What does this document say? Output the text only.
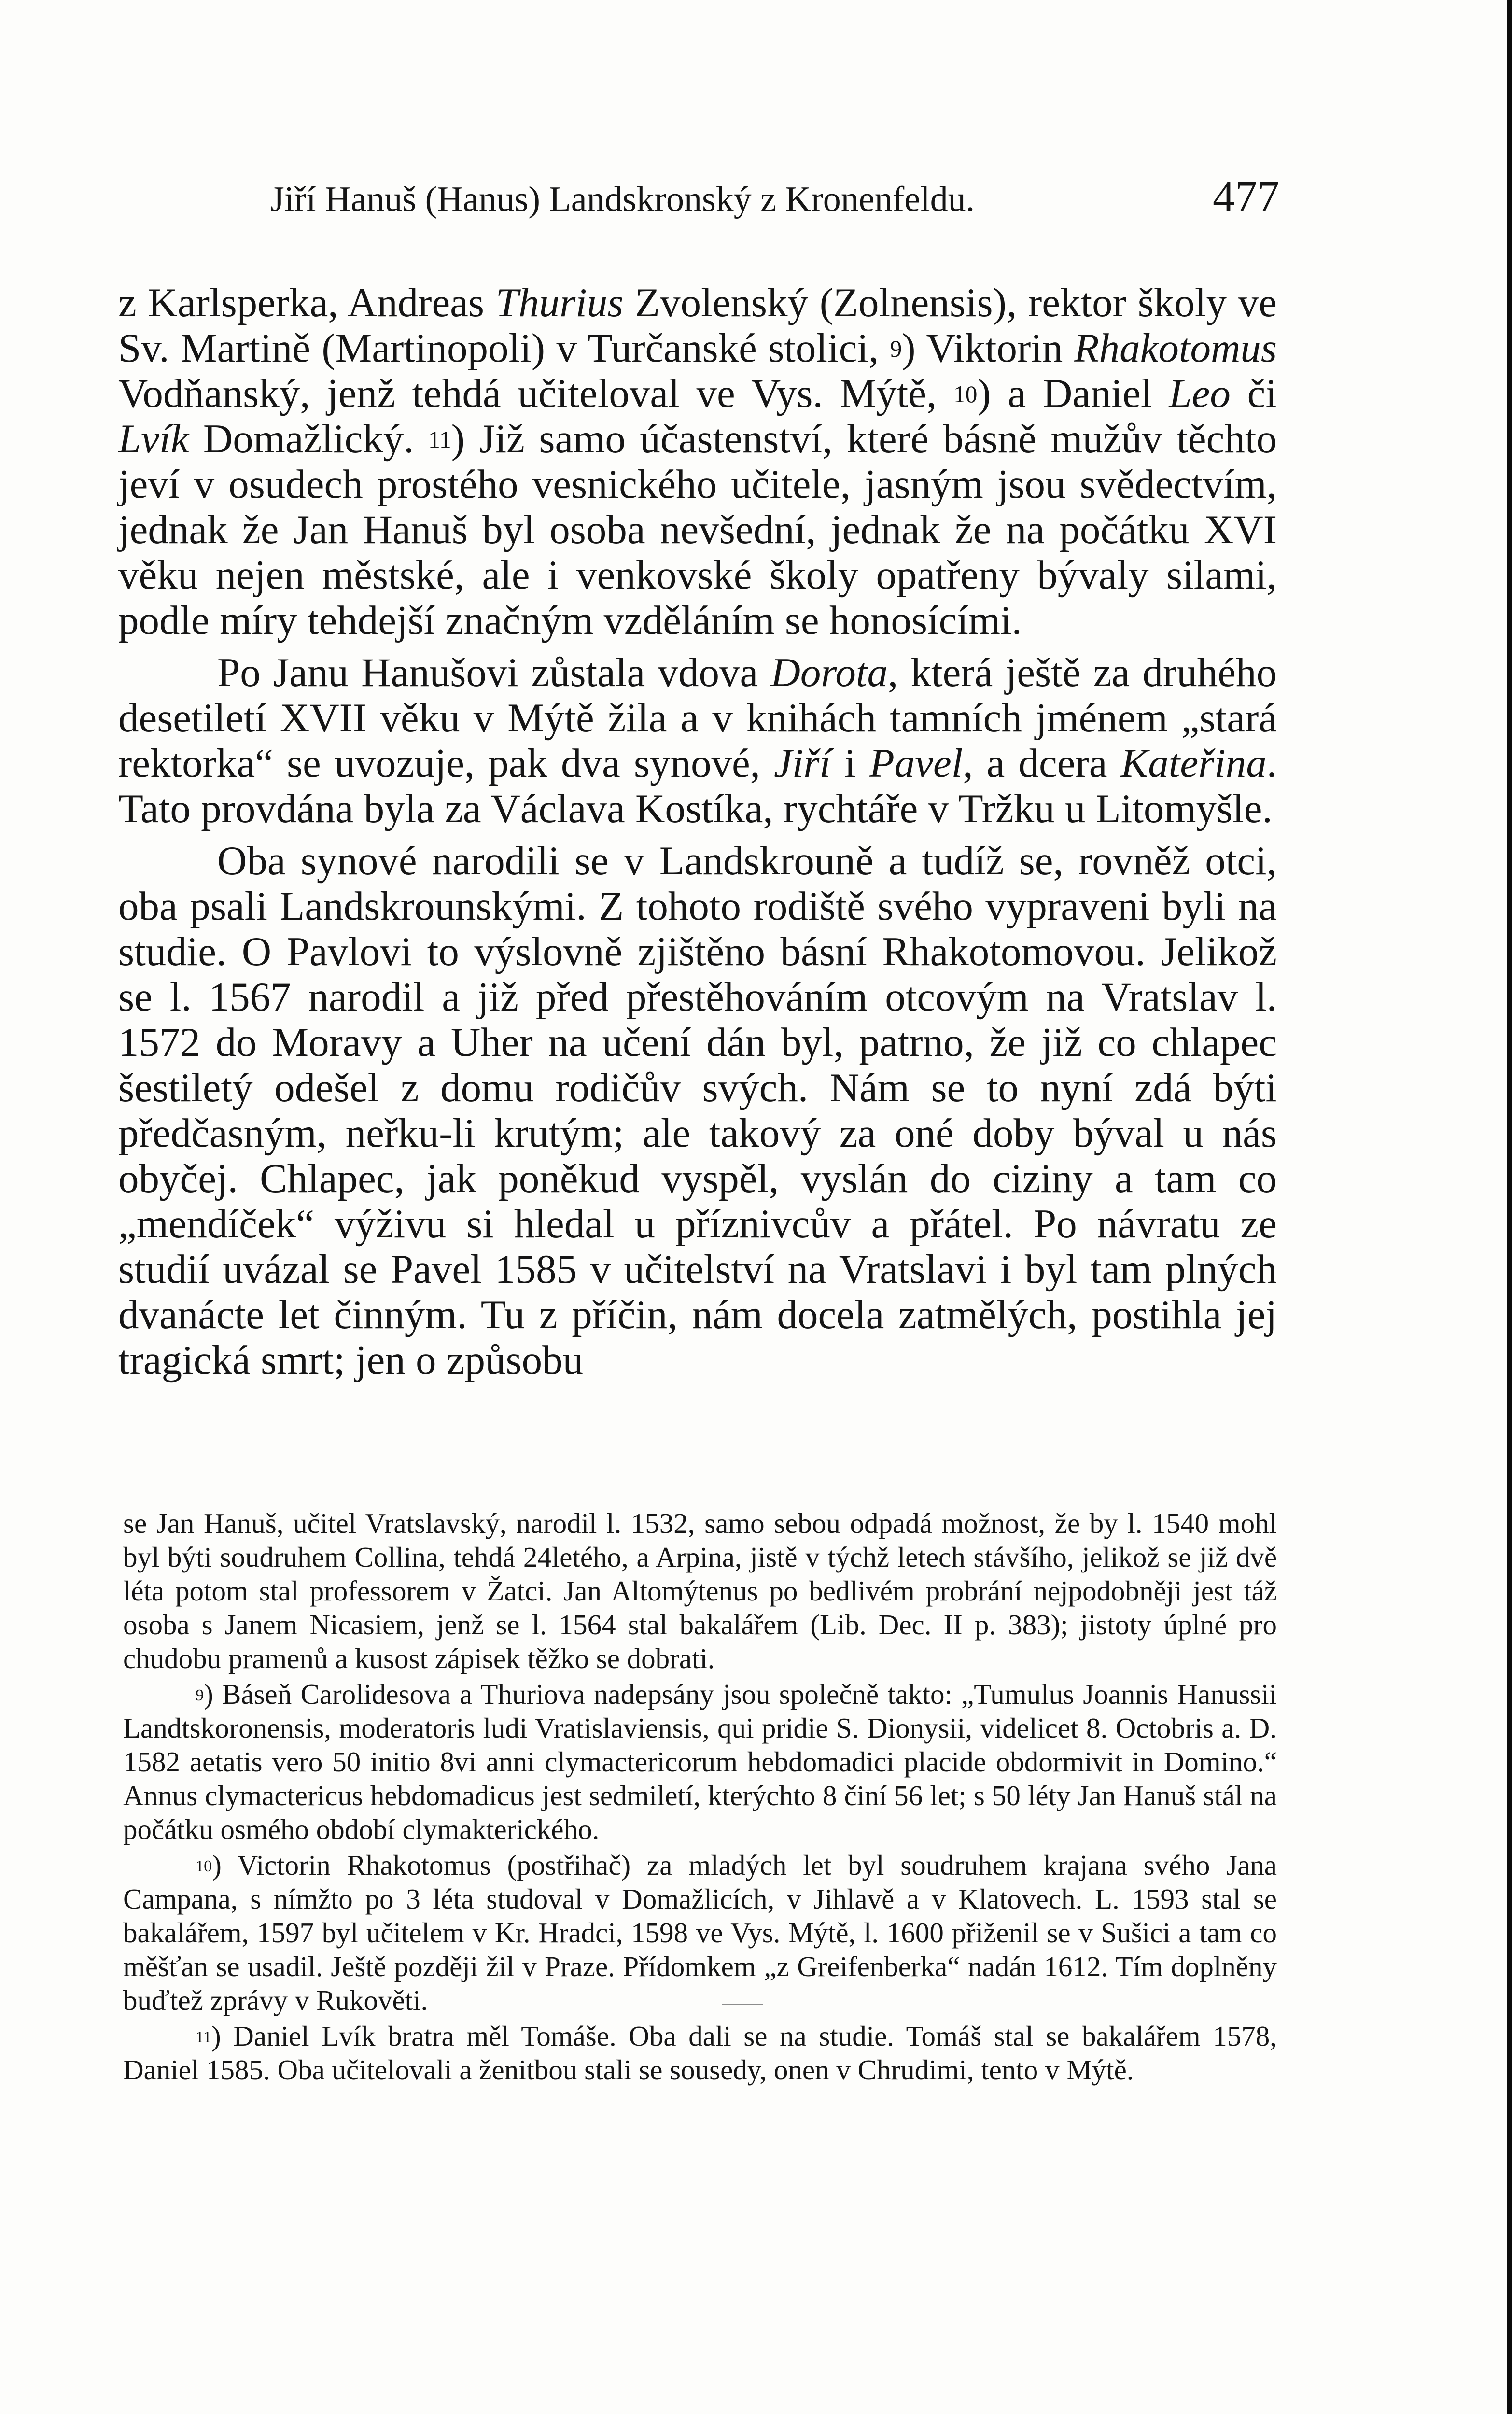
Jiří Hanuš (Hanus) Landskronský z Kronenfeldu.	477

z Karlsperka, Andreas Thurius Zvolenský (Zolnensis), rektor školy ve Sv. Martině (Martinopoli) v Turčanské stolici, $^9$) Viktorin Rhakotomus Vodňanský, jenž tehdá učiteloval ve Vys. Mýtě, $^{10}$) a Daniel Leo či Lvík Domažlický. $^{11}$) Již samo účastenství, které básně mužův těchto jeví v osudech prostého vesnického učitele, jasným jsou svědectvím, jednak že Jan Hanuš byl osoba nevšední, jednak že na počátku XVI věku nejen městské, ale i venkovské školy opatřeny bývaly silami, podle míry tehdejší značným vzděláním se honosícími.

Po Janu Hanušovi zůstala vdova Dorota, která ještě za druhého desetiletí XVII věku v Mýtě žila a v knihách tamních jménem „stará rektorka“ se uvozuje, pak dva synové, Jiří i Pavel, a dcera Kateřina. Tato provdána byla za Václava Kostíka, rychtáře v Tržku u Litomyšle.

Oba synové narodili se v Landskrouně a tudíž se, rovněž otci, oba psali Landskrounskými. Z tohoto rodiště svého vypraveni byli na studie. O Pavlovi to výslovně zjištěno básní Rhakotomovou. Jelikož se l. 1567 narodil a již před přestěhováním otcovým na Vratslav l. 1572 do Moravy a Uher na učení dán byl, patrno, že již co chlapec šestiletý odešel z domu rodičův svých. Nám se to nyní zdá býti předčasným, neřku-li krutým; ale takový za oné doby býval u nás obyčej. Chlapec, jak poněkud vyspěl, vyslán do ciziny a tam co „mendíček“ výživu si hledal u příznivcův a přátel. Po návratu ze studií uvázal se Pavel 1585 v učitelství na Vratslavi i byl tam plných dvanácte let činným. Tu z příčin, nám docela zatmělých, postihla jej tragická smrt; jen o způsobu

se Jan Hanuš, učitel Vratslavský, narodil l. 1532, samo sebou odpadá možnost, že by l. 1540 mohl byl býti soudruhem Collina, tehdá 24letého, a Arpina, jistě v týchž letech stávšího, jelikož se již dvě léta potom stal professorem v Žatci. Jan Altomýtenus po bedlivém probrání nejpodobněji jest táž osoba s Janem Nicasiem, jenž se l. 1564 stal bakalářem (Lib. Dec. II p. 383); jistoty úplné pro chudobu pramenů a kusost zápisek těžko se dobrati.

$^9$) Báseň Carolidesova a Thuriova nadepsány jsou společně takto: „Tumulus Joannis Hanussii Landtskoronensis, moderatoris ludi Vratislaviensis, qui pridie S. Dionysii, videlicet 8. Octobris a. D. 1582 aetatis vero 50 initio 8vi anni clymactericorum hebdomadici placide obdormivit in Domino.“ Annus clymactericus hebdomadicus jest sedmiletí, kterýchto 8 činí 56 let; s 50 léty Jan Hanuš stál na počátku osmého období clymakterického.

$^{10}$) Victorin Rhakotomus (postřihač) za mladých let byl soudruhem krajana svého Jana Campana, s nímžto po 3 léta studoval v Domažlicích, v Jihlavě a v Klatovech. L. 1593 stal se bakalářem, 1597 byl učitelem v Kr. Hradci, 1598 ve Vys. Mýtě, l. 1600 přiženil se v Sušici a tam co měšťan se usadil. Ještě později žil v Praze. Přídomkem „z Greifenberka“ nadán 1612. Tím doplněny buďtež zprávy v Rukověti.

$^{11}$) Daniel Lvík bratra měl Tomáše. Oba dali se na studie. Tomáš stal se bakalářem 1578, Daniel 1585. Oba učitelovali a ženitbou stali se sousedy, onen v Chrudimi, tento v Mýtě.
